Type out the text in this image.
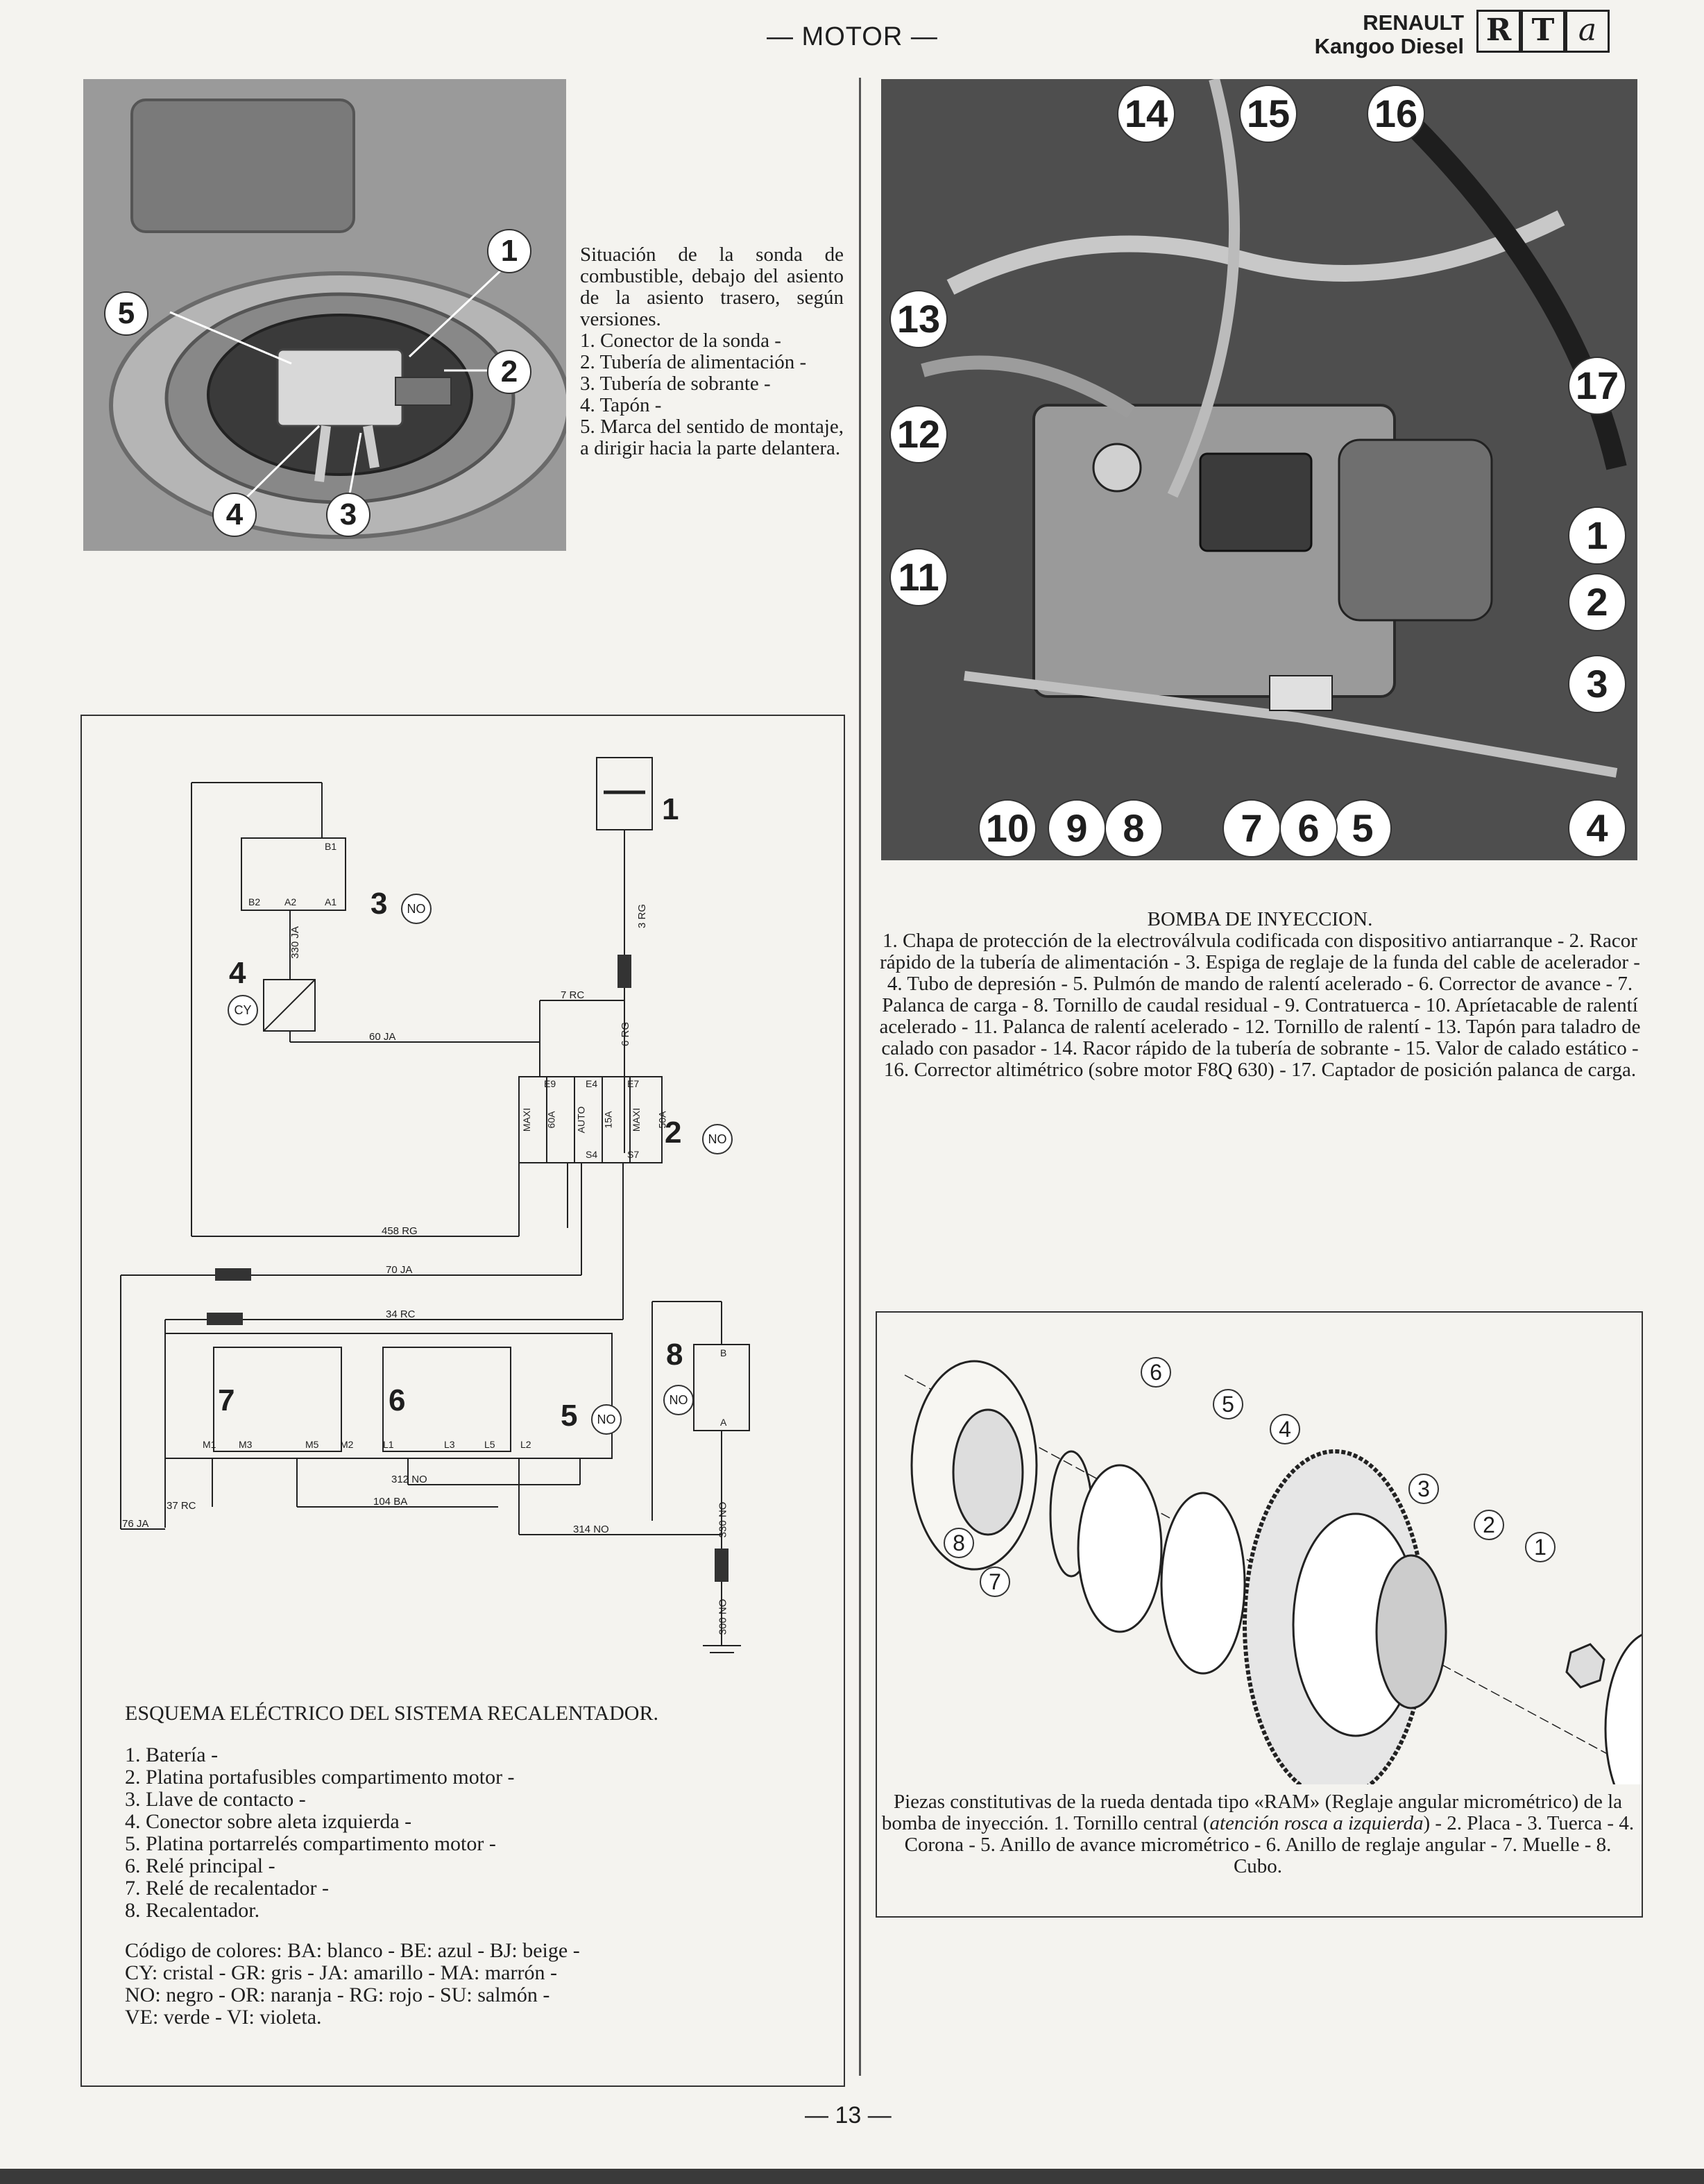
— MOTOR —	RENAULT
Kangoo Diesel R T a
1
2
3
4
5
Situación de la sonda de combustible, debajo del asiento de la asiento trasero, según versiones.
1. Conector de la sonda -
2. Tubería de alimentación -
3. Tubería de sobrante -
4. Tapón -
5. Marca del sentido de montaje, a dirigir hacia la parte delantera.
1
2
3
4
5
6
7
8
NO
NO
CY
NO
NO
330 JA
3 RG
7 RC
6 RG
60 JA
458 RG
70 JA
34 RC
312 NO
37 RC	104 BA
76 JA	314 NO	330 NO
300 NO
B1
B2 A2	A1
E9	E4	E7
S4	S7
M1 M3	M5 M2	L1	L3	L5	L2
B
A
MAXI 60A AUTO 15A MAXI 50A
ESQUEMA ELÉCTRICO DEL SISTEMA RECALENTADOR.
1. Batería -
2. Platina portafusibles compartimento motor -
3. Llave de contacto -
4. Conector sobre aleta izquierda -
5. Platina portarrelés compartimento motor -
6. Relé principal -
7. Relé de recalentador -
8. Recalentador.
Código de colores: BA: blanco - BE: azul - BJ: beige - CY: cristal - GR: gris - JA: amarillo - MA: marrón - NO: negro - OR: naranja - RG: rojo - SU: salmón - VE: verde - VI: violeta.
14 15 16
13
17
12
1
11
2
3
4
5
6
7
8
9
10
BOMBA DE INYECCION.
1. Chapa de protección de la electroválvula codificada con dispositivo antiarranque - 2. Racor rápido de la tubería de alimentación - 3. Espiga de reglaje de la funda del cable de acelerador - 4. Tubo de depresión - 5. Pulmón de mando de ralentí acelerado - 6. Corrector de avance - 7. Palanca de carga - 8. Tornillo de caudal residual - 9. Contratuerca - 10. Apríetacable de ralentí acelerado - 11. Palanca de ralentí acelerado - 12. Tornillo de ralentí - 13. Tapón para taladro de calado con pasador - 14. Racor rápido de la tubería de sobrante - 15. Valor de calado estático - 16. Corrector altimétrico (sobre motor F8Q 630) - 17. Captador de posición palanca de carga.
8
7
6
5
4
3
2
1
Piezas constitutivas de la rueda dentada tipo «RAM» (Reglaje angular micrométrico) de la bomba de inyección. 1. Tornillo central (atención rosca a izquierda) - 2. Placa - 3. Tuerca - 4. Corona - 5. Anillo de avance micrométrico - 6. Anillo de reglaje angular - 7. Muelle - 8. Cubo.
— 13 —
